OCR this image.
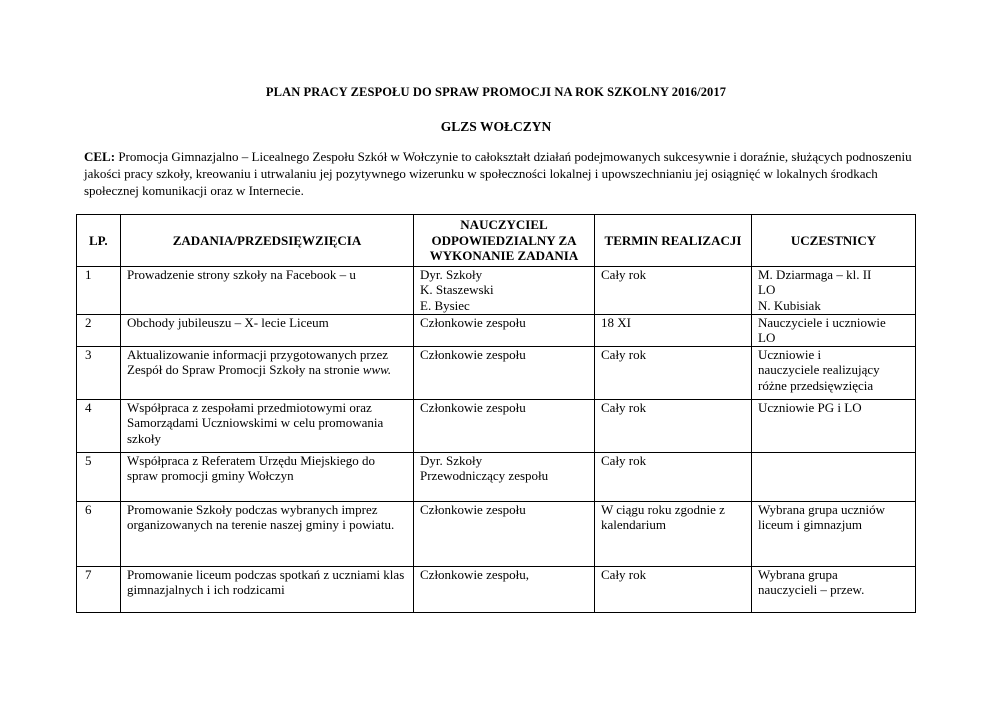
PLAN PRACY ZESPOŁU DO SPRAW PROMOCJI NA ROK SZKOLNY 2016/2017
GLZS WOŁCZYN

CEL: Promocja Gimnazjalno – Licealnego Zespołu Szkół w Wołczynie to całokształt działań podejmowanych sukcesywnie i doraźnie, służących podnoszeniu jakości pracy szkoły, kreowaniu i utrwalaniu jej pozytywnego wizerunku w społeczności lokalnej i upowszechnianiu jej osiągnięć w lokalnych środkach społecznej komunikacji oraz w Internecie.

LP.	ZADANIA/PRZEDSIĘWZIĘCIA	NAUCZYCIEL ODPOWIEDZIALNY ZA WYKONANIE ZADANIA	TERMIN REALIZACJI	UCZESTNICY
1	Prowadzenie strony szkoły na Facebook – u	Dyr. Szkoły
K. Staszewski
E. Bysiec	Cały rok	M. Dziarmaga – kl. II
LO
N. Kubisiak

2	Obchody jubileuszu – X- lecie Liceum	Członkowie zespołu	18 XI	Nauczyciele i uczniowie
LO

3	Aktualizowanie informacji przygotowanych przez Zespół do Spraw Promocji Szkoły na stronie www.	Członkowie zespołu	Cały rok	Uczniowie i
nauczyciele realizujący
różne przedsięwzięcia

4	Współpraca z zespołami przedmiotowymi oraz Samorządami Uczniowskimi w celu promowania szkoły	Członkowie zespołu	Cały rok	Uczniowie PG i LO

5	Współpraca z Referatem Urzędu Miejskiego do spraw promocji gminy Wołczyn	Dyr. Szkoły
Przewodniczący zespołu	Cały rok	
6	Promowanie Szkoły podczas wybranych imprez organizowanych na terenie naszej gminy i powiatu.	Członkowie zespołu	W ciągu roku zgodnie z kalendarium	Wybrana grupa uczniów
liceum i gimnazjum

7	Promowanie liceum podczas spotkań z uczniami klas gimnazjalnych i ich rodzicami	Członkowie zespołu,	Cały rok	Wybrana grupa
nauczycieli – przew.
